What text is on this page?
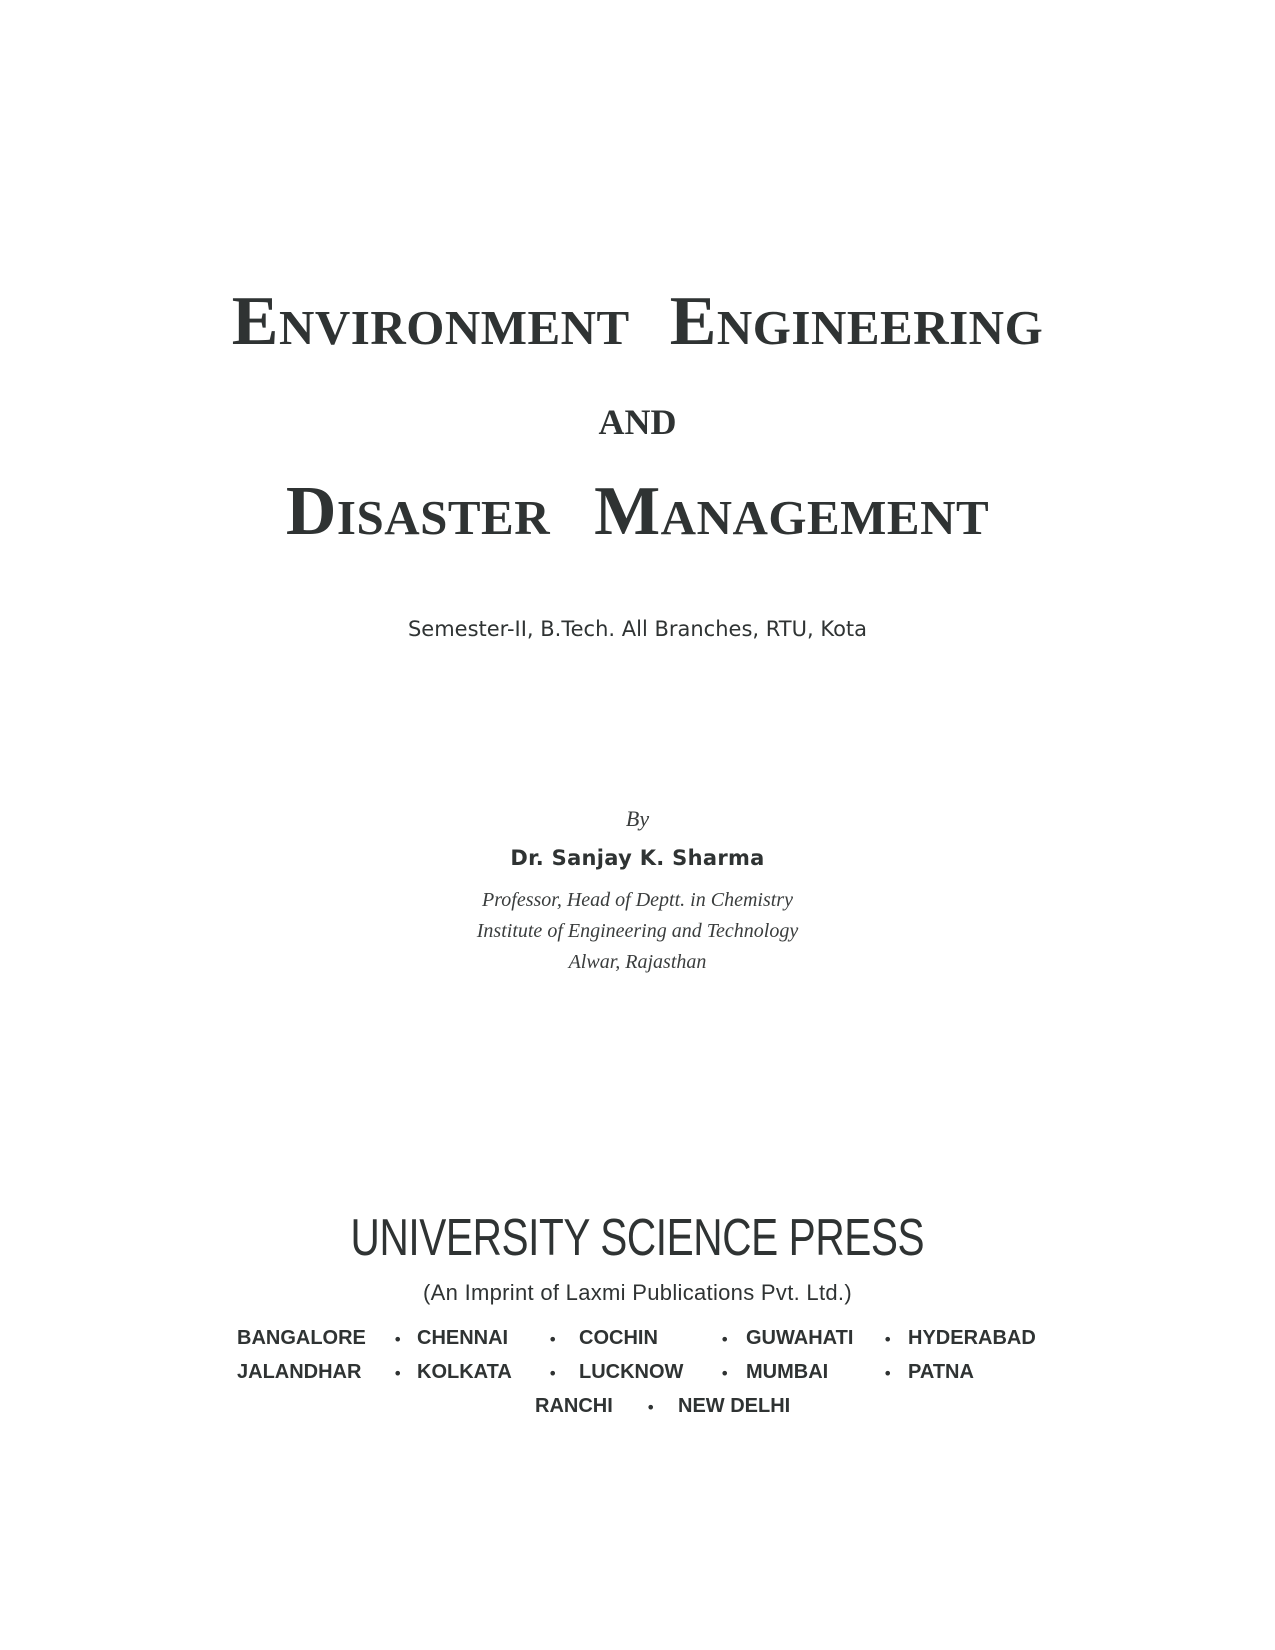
Environment Engineering
and
Disaster Management
Semester-II, B.Tech. All Branches, RTU, Kota
By
Dr. Sanjay K. Sharma
Professor, Head of Deptt. in Chemistry
Institute of Engineering and Technology
Alwar, Rajasthan
UNIVERSITY SCIENCE PRESS
(An Imprint of Laxmi Publications Pvt. Ltd.)
BANGALORE • CHENNAI • COCHIN	• GUWAHATI • HYDERABAD
JALANDHAR • KOLKATA • LUCKNOW • MUMBAI	• PATNA
RANCHI • NEW DELHI
